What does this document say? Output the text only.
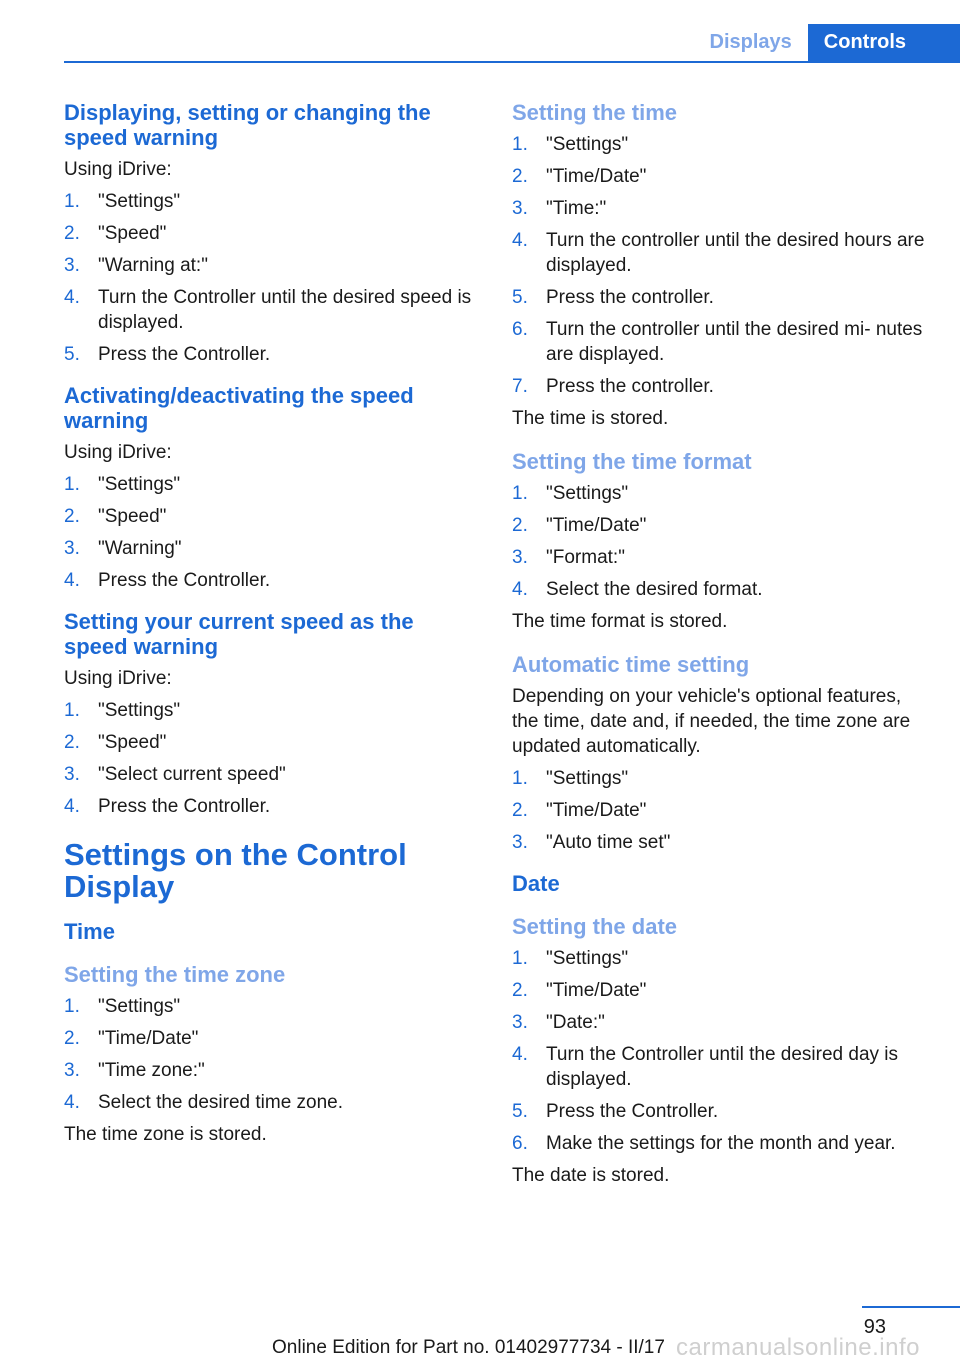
Displays	Controls
Displaying, setting or changing the speed warning
Using iDrive:
1. "Settings"
2. "Speed"
3. "Warning at:"
4. Turn the Controller until the desired speed is displayed.
5. Press the Controller.
Activating/deactivating the speed warning
Using iDrive:
1. "Settings"
2. "Speed"
3. "Warning"
4. Press the Controller.
Setting your current speed as the speed warning
Using iDrive:
1. "Settings"
2. "Speed"
3. "Select current speed"
4. Press the Controller.
Settings on the Control Display
Time
Setting the time zone
1. "Settings"
2. "Time/Date"
3. "Time zone:"
4. Select the desired time zone.
The time zone is stored.
Setting the time
1. "Settings"
2. "Time/Date"
3. "Time:"
4. Turn the controller until the desired hours are displayed.
5. Press the controller.
6. Turn the controller until the desired mi‐ nutes are displayed.
7. Press the controller.
The time is stored.
Setting the time format
1. "Settings"
2. "Time/Date"
3. "Format:"
4. Select the desired format.
The time format is stored.
Automatic time setting
Depending on your vehicle's optional features, the time, date and, if needed, the time zone are updated automatically.
1. "Settings"
2. "Time/Date"
3. "Auto time set"
Date
Setting the date
1. "Settings"
2. "Time/Date"
3. "Date:"
4. Turn the Controller until the desired day is displayed.
5. Press the Controller.
6. Make the settings for the month and year.
The date is stored.
93
Online Edition for Part no. 01402977734 - II/17 carmanualsonline.info
